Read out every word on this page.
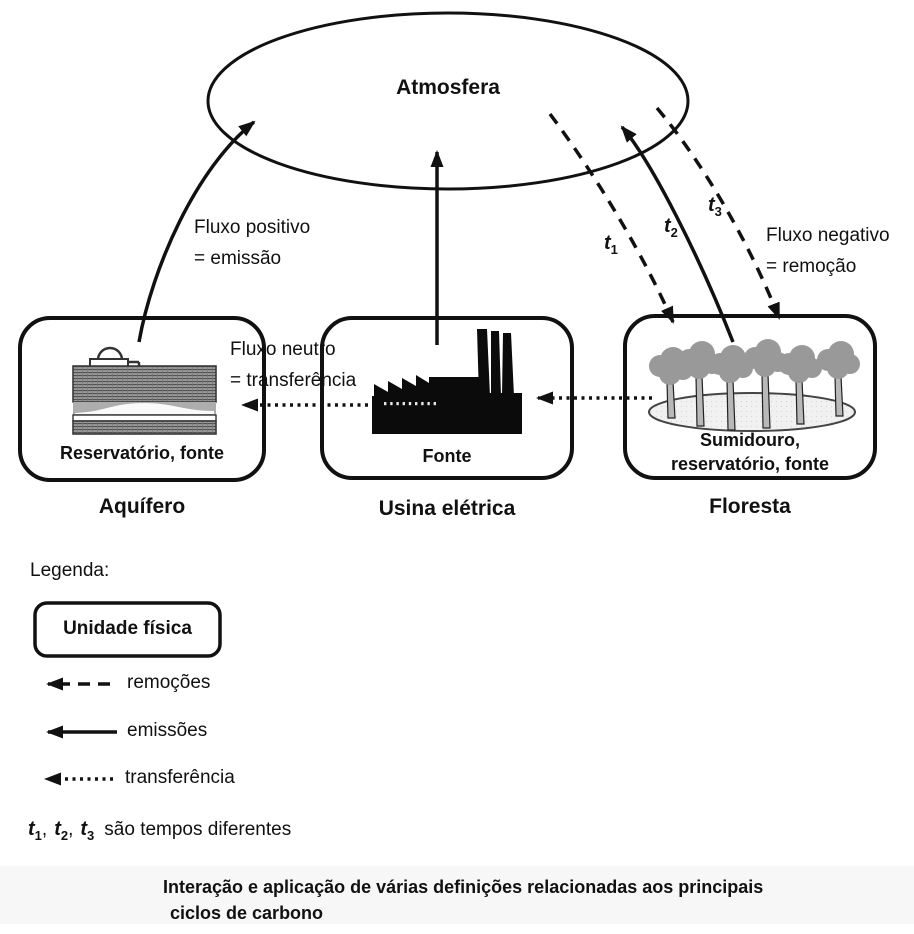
Atmosfera
Fluxo positivo
= emissão
Fluxo neutro
= transferência
Fluxo negativo
= remoção
$t_1$
$t_2$
$t_3$
Reservatório, fonte
Aquífero
Fonte
Usina elétrica
Sumidouro,
reservatório, fonte
Floresta
Legenda:
Unidade física
remoções
emissões
transferência
$t_1$, $t_2$, $t_3$ são tempos diferentes
Interação e aplicação de várias definições relacionadas aos principais
ciclos de carbono
